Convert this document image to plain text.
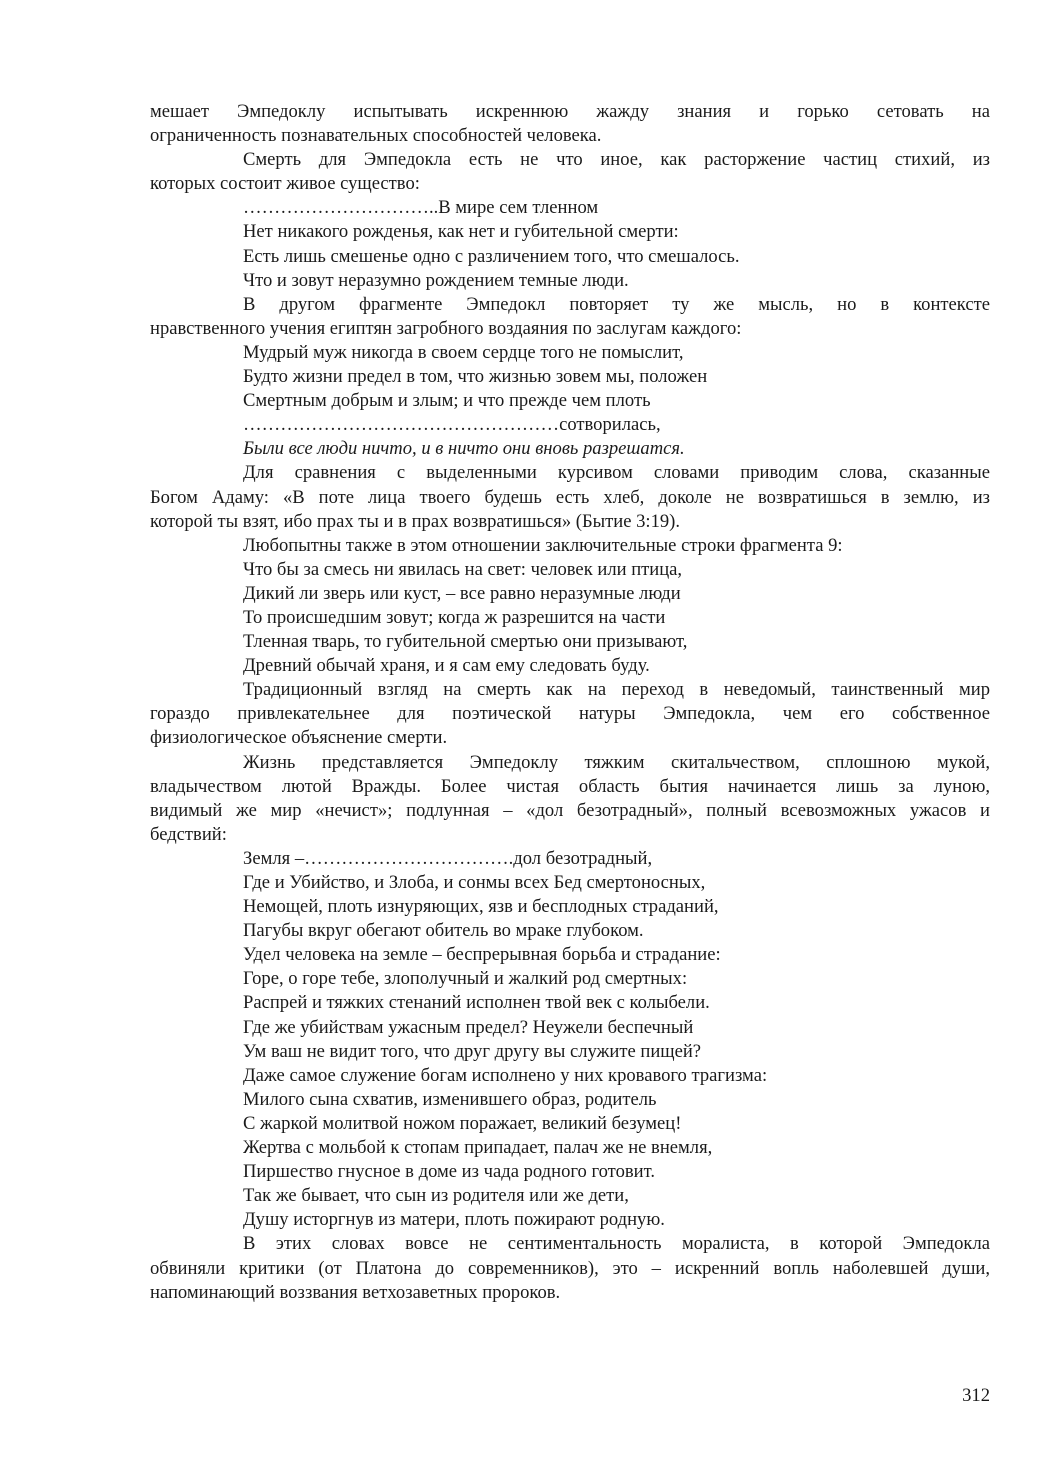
мешает Эмпедоклу испытывать искреннюю жажду знания и горько сетовать на
ограниченность познавательных способностей человека.
Смерть для Эмпедокла есть не что иное, как расторжение частиц стихий, из
которых состоит живое существо:
…………………………..В мире сем тленном
Нет никакого рожденья, как нет и губительной смерти:
Есть лишь смешенье одно с различением того, что смешалось.
Что и зовут неразумно рождением темные люди.
В другом фрагменте Эмпедокл повторяет ту же мысль, но в контексте
нравственного учения египтян загробного воздаяния по заслугам каждого:
Мудрый муж никогда в своем сердце того не помыслит,
Будто жизни предел в том, что жизнью зовем мы, положен
Смертным добрым и злым; и что прежде чем плоть
……………………………………………сотворилась,
Были все люди ничто, и в ничто они вновь разрешатся.
Для сравнения с выделенными курсивом словами приводим слова, сказанные
Богом Адаму: «В поте лица твоего будешь есть хлеб, доколе не возвратишься в землю, из
которой ты взят, ибо прах ты и в прах возвратишься» (Бытие 3:19).
Любопытны также в этом отношении заключительные строки фрагмента 9:
Что бы за смесь ни явилась на свет: человек или птица,
Дикий ли зверь или куст, – все равно неразумные люди
То происшедшим зовут; когда ж разрешится на части
Тленная тварь, то губительной смертью они призывают,
Древний обычай храня, и я сам ему следовать буду.
Традиционный взгляд на смерть как на переход в неведомый, таинственный мир
гораздо привлекательнее для поэтической натуры Эмпедокла, чем его собственное
физиологическое объяснение смерти.
Жизнь представляется Эмпедоклу тяжким скитальчеством, сплошною мукой,
владычеством лютой Вражды. Более чистая область бытия начинается лишь за луною,
видимый же мир «нечист»; подлунная – «дол безотрадный», полный всевозможных ужасов и
бедствий:
Земля –…………………………….дол безотрадный,
Где и Убийство, и Злоба, и сонмы всех Бед смертоносных,
Немощей, плоть изнуряющих, язв и бесплодных страданий,
Пагубы вкруг обегают обитель во мраке глубоком.
Удел человека на земле – беспрерывная борьба и страдание:
Горе, о горе тебе, злополучный и жалкий род смертных:
Распрей и тяжких стенаний исполнен твой век с колыбели.
Где же убийствам ужасным предел? Неужели беспечный
Ум ваш не видит того, что друг другу вы служите пищей?
Даже самое служение богам исполнено у них кровавого трагизма:
Милого сына схватив, изменившего образ, родитель
С жаркой молитвой ножом поражает, великий безумец!
Жертва с мольбой к стопам припадает, палач же не внемля,
Пиршество гнусное в доме из чада родного готовит.
Так же бывает, что сын из родителя или же дети,
Душу исторгнув из матери, плоть пожирают родную.
В этих словах вовсе не сентиментальность моралиста, в которой Эмпедокла
обвиняли критики (от Платона до современников), это – искренний вопль наболевшей души,
напоминающий воззвания ветхозаветных пророков.
312
